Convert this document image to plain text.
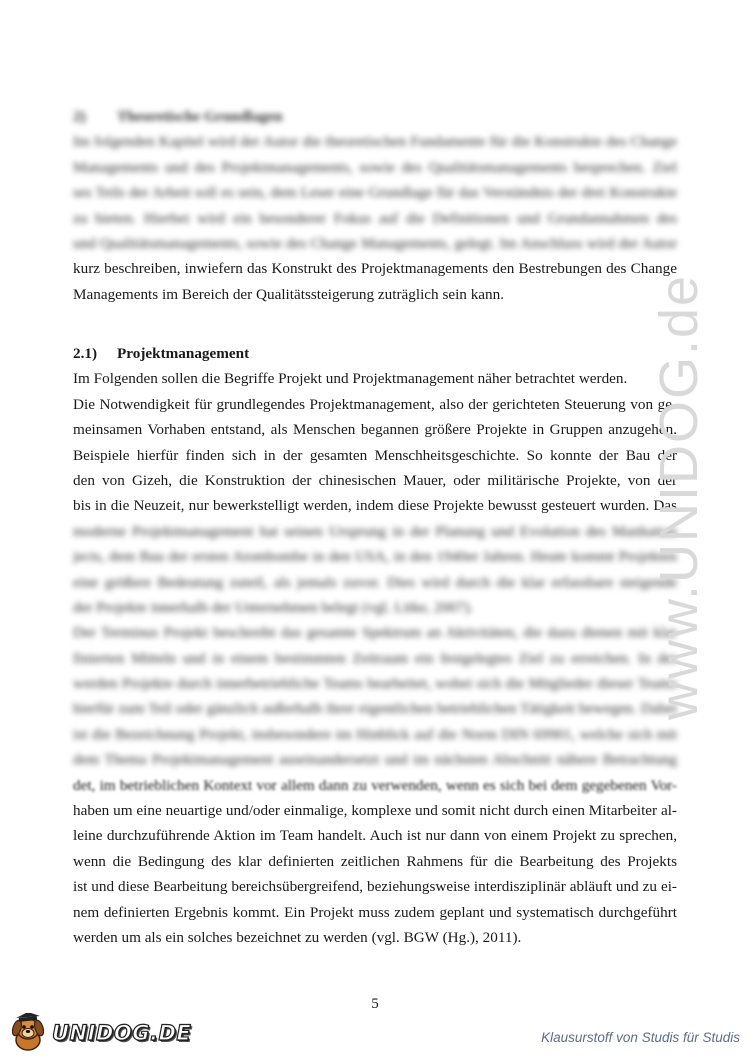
2) Theoretische Grundlagen
Im folgenden Kapitel wird der Autor die theoretischen Fundamente für die Konstrukte des Change
Managements und des Projektmanagements, sowie des Qualitätsmanagements besprechen. Ziel
ses Teils der Arbeit soll es sein, dem Leser eine Grundlage für das Verständnis der drei Konstrukte
zu bieten. Hierbei wird ein besonderer Fokus auf die Definitionen und Grundannahmen des
und Qualitätsmanagements, sowie des Change Managements, gelegt. Im Anschluss wird der Autor
kurz beschreiben, inwiefern das Konstrukt des Projektmanagements den Bestrebungen des Change
Managements im Bereich der Qualitätssteigerung zuträglich sein kann.
2.1) Projektmanagement
Im Folgenden sollen die Begriffe Projekt und Projektmanagement näher betrachtet werden.
Die Notwendigkeit für grundlegendes Projektmanagement, also der gerichteten Steuerung von ge-
meinsamen Vorhaben entstand, als Menschen begannen größere Projekte in Gruppen anzugehen.
Beispiele hierfür finden sich in der gesamten Menschheitsgeschichte. So konnte der Bau der
den von Gizeh, die Konstruktion der chinesischen Mauer, oder militärische Projekte, von der
bis in die Neuzeit, nur bewerkstelligt werden, indem diese Projekte bewusst gesteuert wurden. Das
moderne Projektmanagement hat seinen Ursprung in der Planung und Evolution des Manhattan
jects, dem Bau der ersten Atombombe in den USA, in den 1940er Jahren. Heute kommt Projekten
eine größere Bedeutung zuteil, als jemals zuvor. Dies wird durch die klar erfassbare steigende
der Projekte innerhalb der Unternehmen belegt (vgl. Litke, 2007).
Der Terminus Projekt beschreibt das gesamte Spektrum an Aktivitäten, die dazu dienen mit klar
finierten Mitteln und in einem bestimmten Zeitraum ein festgelegtes Ziel zu erreichen. In der
werden Projekte durch innerbetriebliche Teams bearbeitet, wobei sich die Mitglieder dieser Teams
hierfür zum Teil oder gänzlich außerhalb ihrer eigentlichen betrieblichen Tätigkeit bewegen. Dabei
ist die Bezeichnung Projekt, insbesondere im Hinblick auf die Norm DIN 69901, welche sich mit
dem Thema Projektmanagement auseinandersetzt und im nächsten Abschnitt nähere Betrachtung
det, im betrieblichen Kontext vor allem dann zu verwenden, wenn es sich bei dem gegebenen Vor-
haben um eine neuartige und/oder einmalige, komplexe und somit nicht durch einen Mitarbeiter al-
leine durchzuführende Aktion im Team handelt. Auch ist nur dann von einem Projekt zu sprechen,
wenn die Bedingung des klar definierten zeitlichen Rahmens für die Bearbeitung des Projekts
ist und diese Bearbeitung bereichsübergreifend, beziehungsweise interdisziplinär abläuft und zu ei-
nem definierten Ergebnis kommt. Ein Projekt muss zudem geplant und systematisch durchgeführt
werden um als ein solches bezeichnet zu werden (vgl. BGW (Hg.), 2011).
www.UNIDOG.de
5
UNIDOG.DE	Klausurstoff von Studis für Studis
